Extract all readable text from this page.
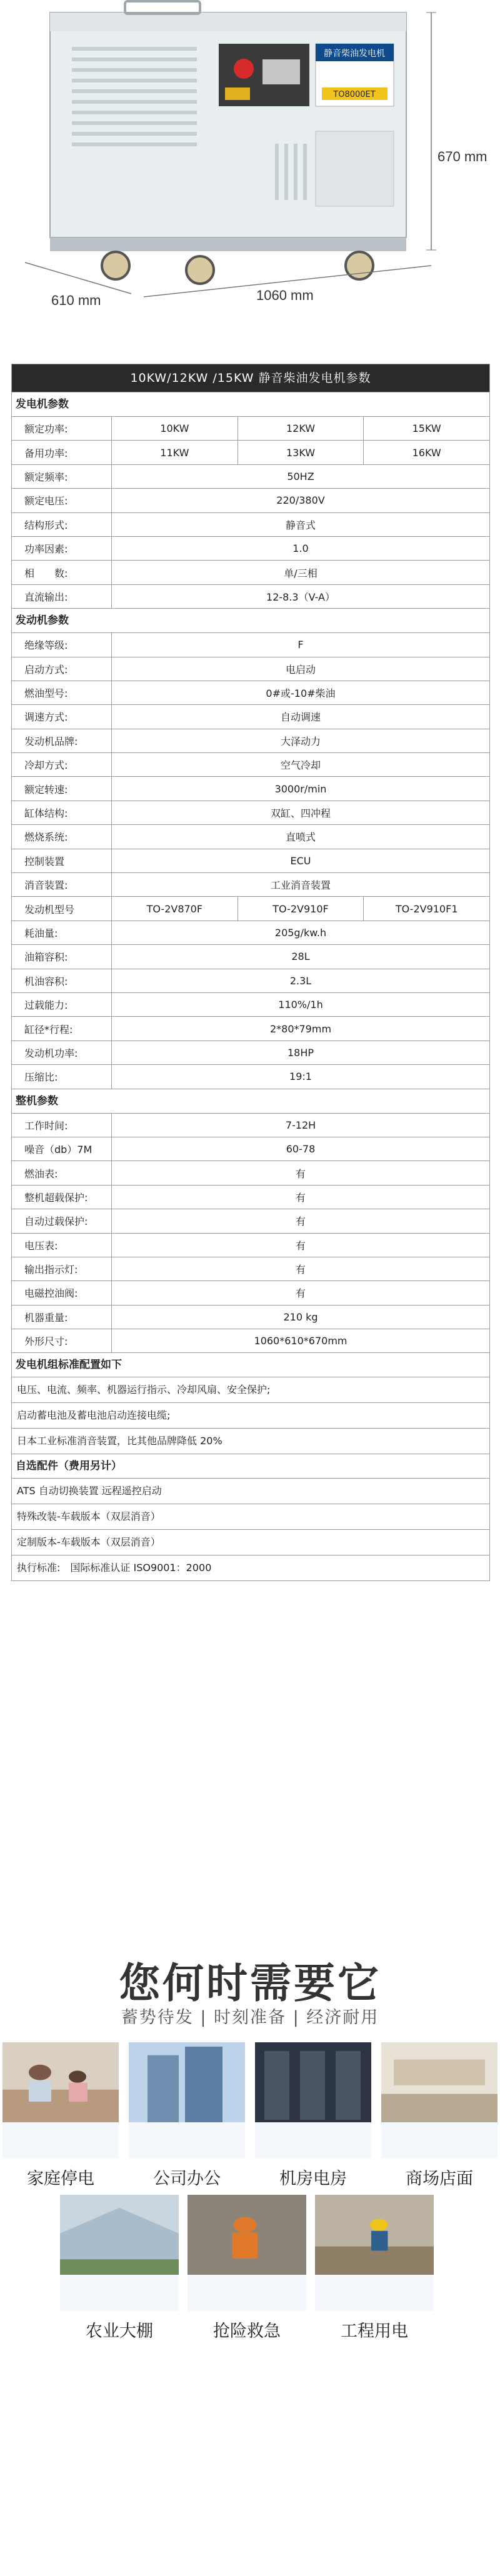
静音柴油发电机
TO8000ET
670 mm
610 mm	1060 mm
10KW/12KW /15KW 静音柴油发电机参数
发电机参数
额定功率:	10KW	12KW	15KW
备用功率:	11KW	13KW	16KW
额定频率:	50HZ
额定电压:	220/380V
结构形式:	静音式
功率因素:	1.0
相　　数:	单/三相
直流输出:	12-8.3（V-A）
发动机参数
绝缘等级:	F
启动方式:	电启动
燃油型号:	0#或-10#柴油
调速方式:	自动调速
发动机品牌:	大泽动力
冷却方式:	空气冷却
额定转速:	3000r/min
缸体结构:	双缸、四冲程
燃烧系统:	直喷式
控制装置	ECU
消音装置:	工业消音装置
发动机型号	TO-2V870F	TO-2V910F	TO-2V910F1
耗油量:	205g/kw.h
油箱容积:	28L
机油容积:	2.3L
过载能力:	110%/1h
缸径*行程:	2*80*79mm
发动机功率:	18HP
压缩比:	19:1
整机参数
工作时间:	7-12H
噪音（db）7M	60-78
燃油表:	有
整机超载保护:	有
自动过载保护:	有
电压表:	有
输出指示灯:	有
电磁控油阀:	有
机器重量:	210 kg
外形尺寸:	1060*610*670mm
发电机组标准配置如下
电压、电流、频率、机器运行指示、冷却风扇、安全保护;
启动蓄电池及蓄电池启动连接电缆;
日本工业标准消音装置，比其他品牌降低 20%
自选配件（费用另计）
ATS 自动切换装置 远程遥控启动
特殊改装-车载版本（双层消音）
定制版本-车载版本（双层消音）
执行标准:　国际标准认证 ISO9001：2000
您何时需要它
蓄势待发 | 时刻准备 | 经济耐用
家庭停电	公司办公	机房电房	商场店面
农业大棚	抢险救急	工程用电
